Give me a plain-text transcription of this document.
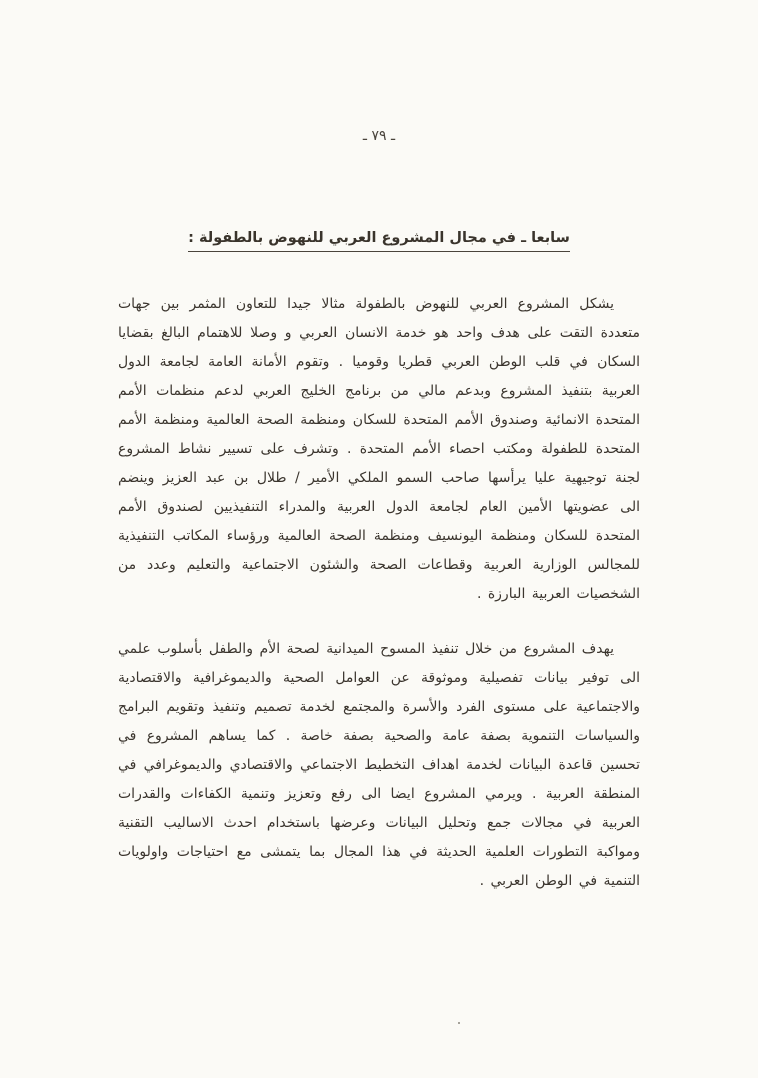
ـ ٧٩ ـ
سابعا ـ في مجال المشروع العربي للنهوض بالطفولة :

يشكل المشروع العربي للنهوض بالطفولة مثالا جيدا للتعاون المثمر بين جهات متعددة التقت على هدف واحد هو خدمة الانسان العربي و وصلا للاهتمام البالغ بقضايا السكان في قلب الوطن العربي قطريا وقوميا . وتقوم الأمانة العامة لجامعة الدول العربية بتنفيذ المشروع وبدعم مالي من برنامج الخليج العربي لدعم منظمات الأمم المتحدة الانمائية وصندوق الأمم المتحدة للسكان ومنظمة الصحة العالمية ومنظمة الأمم المتحدة للطفولة ومكتب احصاء الأمم المتحدة . وتشرف على تسيير نشاط المشروع لجنة توجيهية عليا يرأسها صاحب السمو الملكي الأمير / طلال بن عبد العزيز وينضم الى عضويتها الأمين العام لجامعة الدول العربية والمدراء التنفيذيين لصندوق الأمم المتحدة للسكان ومنظمة اليونسيف ومنظمة الصحة العالمية ورؤساء المكاتب التنفيذية للمجالس الوزارية العربية وقطاعات الصحة والشئون الاجتماعية والتعليم وعدد من الشخصيات العربية البارزة .

يهدف المشروع من خلال تنفيذ المسوح الميدانية لصحة الأم والطفل بأسلوب علمي الى توفير بيانات تفصيلية وموثوقة عن العوامل الصحية والديموغرافية والاقتصادية والاجتماعية على مستوى الفرد والأسرة والمجتمع لخدمة تصميم وتنفيذ وتقويم البرامج والسياسات التنموية بصفة عامة والصحية بصفة خاصة . كما يساهم المشروع في تحسين قاعدة البيانات لخدمة اهداف التخطيط الاجتماعي والاقتصادي والديموغرافي في المنطقة العربية . ويرمي المشروع ايضا الى رفع وتعزيز وتنمية الكفاءات والقدرات العربية في مجالات جمع وتحليل البيانات وعرضها باستخدام احدث الاساليب التقنية ومواكبة التطورات العلمية الحديثة في هذا المجال بما يتمشى مع احتياجات واولويات التنمية في الوطن العربي .
